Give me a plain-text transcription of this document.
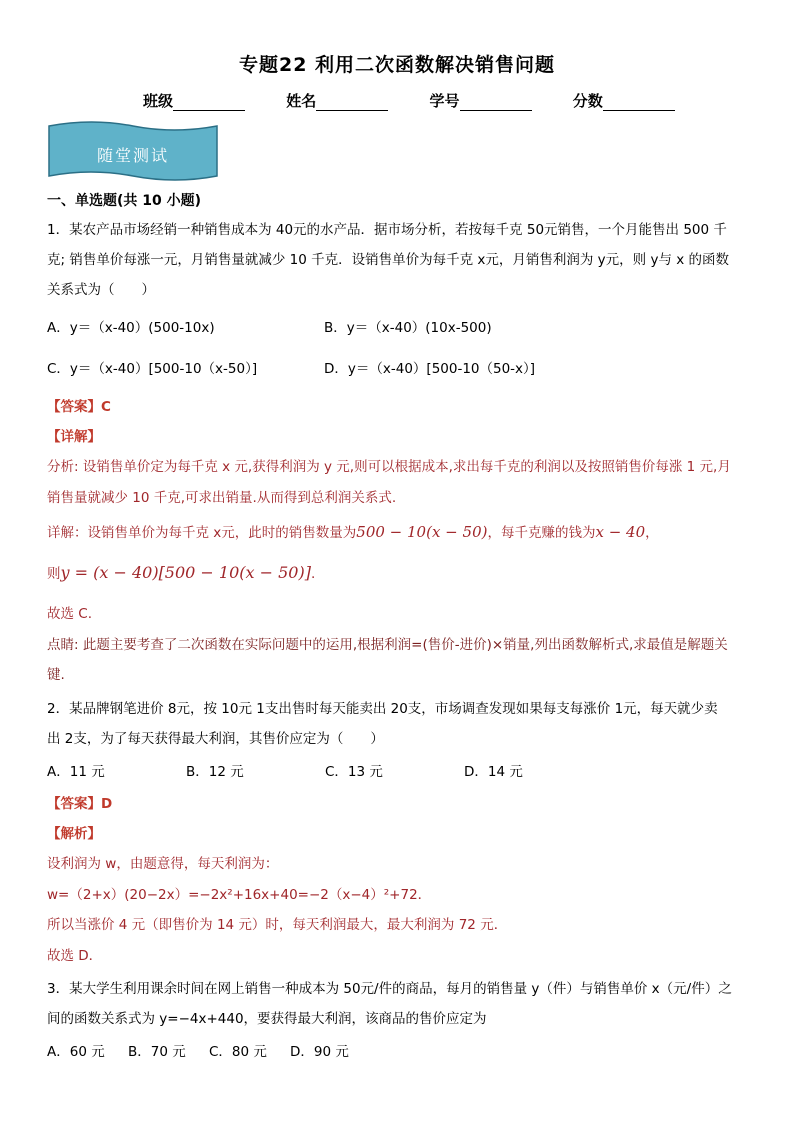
专题22 利用二次函数解决销售问题
班级	姓名	学号	分数
随堂测试
一、单选题(共 10 小题)
1．某农产品市场经销一种销售成本为 40元的水产品．据市场分析，若按每千克 50元销售，一个月能售出 500 千
克; 销售单价每涨一元，月销售量就减少 10 千克．设销售单价为每千克 x元，月销售利润为 y元，则 y与 x 的函数
关系式为（　　）
A．y＝（x-40）(500-10x)	B．y＝（x-40）(10x-500)
C．y＝（x-40）[500-10（x-50）]	D．y＝（x-40）[500-10（50-x）]
【答案】C
【详解】
分析: 设销售单价定为每千克 x 元,获得利润为 y 元,则可以根据成本,求出每千克的利润以及按照销售价每涨 1 元,月
销售量就减少 10 千克,可求出销量.从而得到总利润关系式.
详解：设销售单价为每千克 x元，此时的销售数量为500 − 10(x − 50)，每千克赚的钱为x − 40，
则y = (x − 40)[500 − 10(x − 50)].
故选 C.
点睛: 此题主要考查了二次函数在实际问题中的运用,根据利润=(售价-进价)×销量,列出函数解析式,求最值是解题关
键.
2．某品牌钢笔进价 8元，按 10元 1支出售时每天能卖出 20支，市场调查发现如果每支每涨价 1元，每天就少卖
出 2支，为了每天获得最大利润，其售价应定为（　　）
A．11 元	B．12 元	C．13 元	D．14 元
【答案】D
【解析】
设利润为 w，由题意得，每天利润为：
w=（2+x）(20−2x）=−2x²+16x+40=−2（x−4）²+72．
所以当涨价 4 元（即售价为 14 元）时，每天利润最大，最大利润为 72 元．
故选 D．
3．某大学生利用课余时间在网上销售一种成本为 50元/件的商品，每月的销售量 y（件）与销售单价 x（元/件）之
间的函数关系式为 y=−4x+440，要获得最大利润，该商品的售价应定为
A．60 元 B．70 元 C．80 元 D．90 元
